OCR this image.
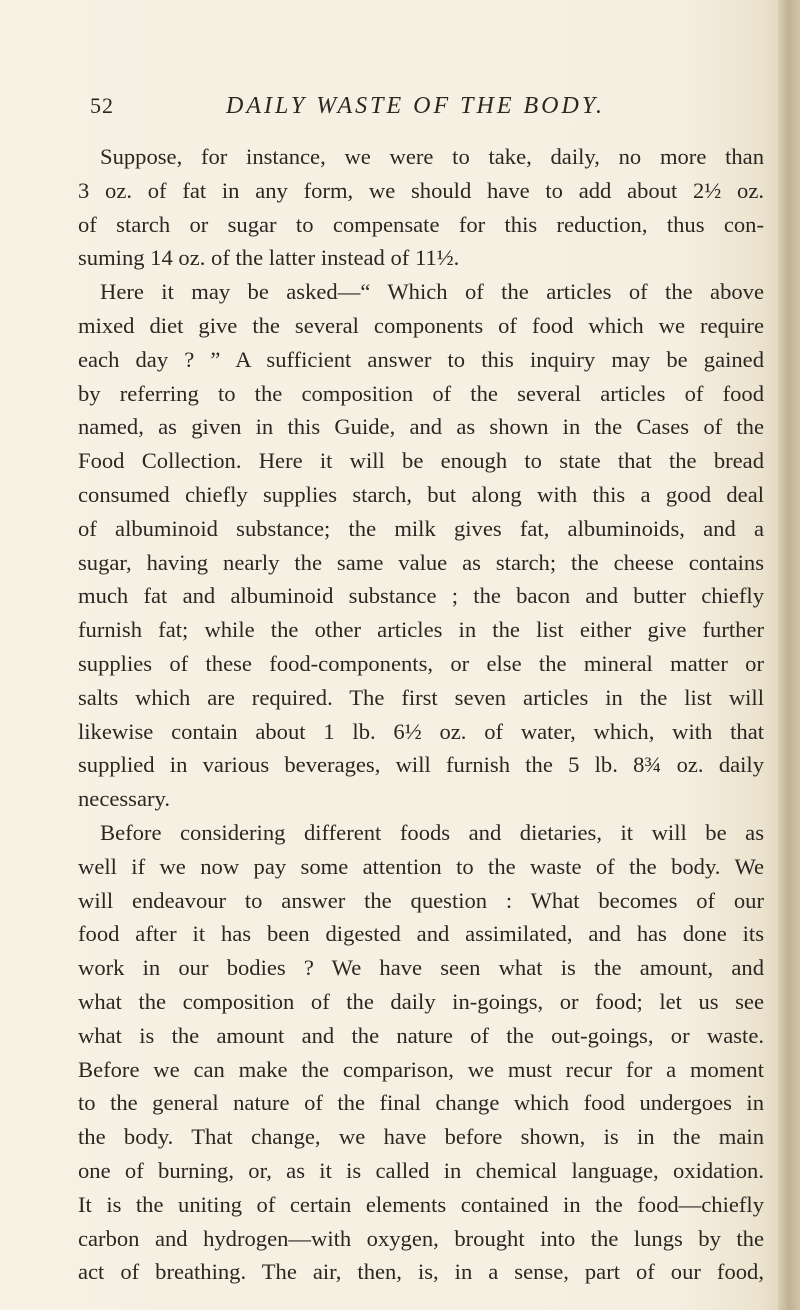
52	DAILY WASTE OF THE BODY.
Suppose, for instance, we were to take, daily, no more than
3 oz. of fat in any form, we should have to add about 2½ oz.
of starch or sugar to compensate for this reduction, thus con-
suming 14 oz. of the latter instead of 11½.
Here it may be asked—“ Which of the articles of the above
mixed diet give the several components of food which we require
each day ? ” A sufficient answer to this inquiry may be gained
by referring to the composition of the several articles of food
named, as given in this Guide, and as shown in the Cases of the
Food Collection. Here it will be enough to state that the bread
consumed chiefly supplies starch, but along with this a good deal
of albuminoid substance; the milk gives fat, albuminoids, and a
sugar, having nearly the same value as starch; the cheese contains
much fat and albuminoid substance ; the bacon and butter chiefly
furnish fat; while the other articles in the list either give further
supplies of these food-components, or else the mineral matter or
salts which are required. The first seven articles in the list will
likewise contain about 1 lb. 6½ oz. of water, which, with that
supplied in various beverages, will furnish the 5 lb. 8¾ oz. daily
necessary.
Before considering different foods and dietaries, it will be as
well if we now pay some attention to the waste of the body. We
will endeavour to answer the question : What becomes of our
food after it has been digested and assimilated, and has done its
work in our bodies ? We have seen what is the amount, and
what the composition of the daily in-goings, or food; let us see
what is the amount and the nature of the out-goings, or waste.
Before we can make the comparison, we must recur for a moment
to the general nature of the final change which food undergoes in
the body. That change, we have before shown, is in the main
one of burning, or, as it is called in chemical language, oxidation.
It is the uniting of certain elements contained in the food—chiefly
carbon and hydrogen—with oxygen, brought into the lungs by the
act of breathing. The air, then, is, in a sense, part of our food,
